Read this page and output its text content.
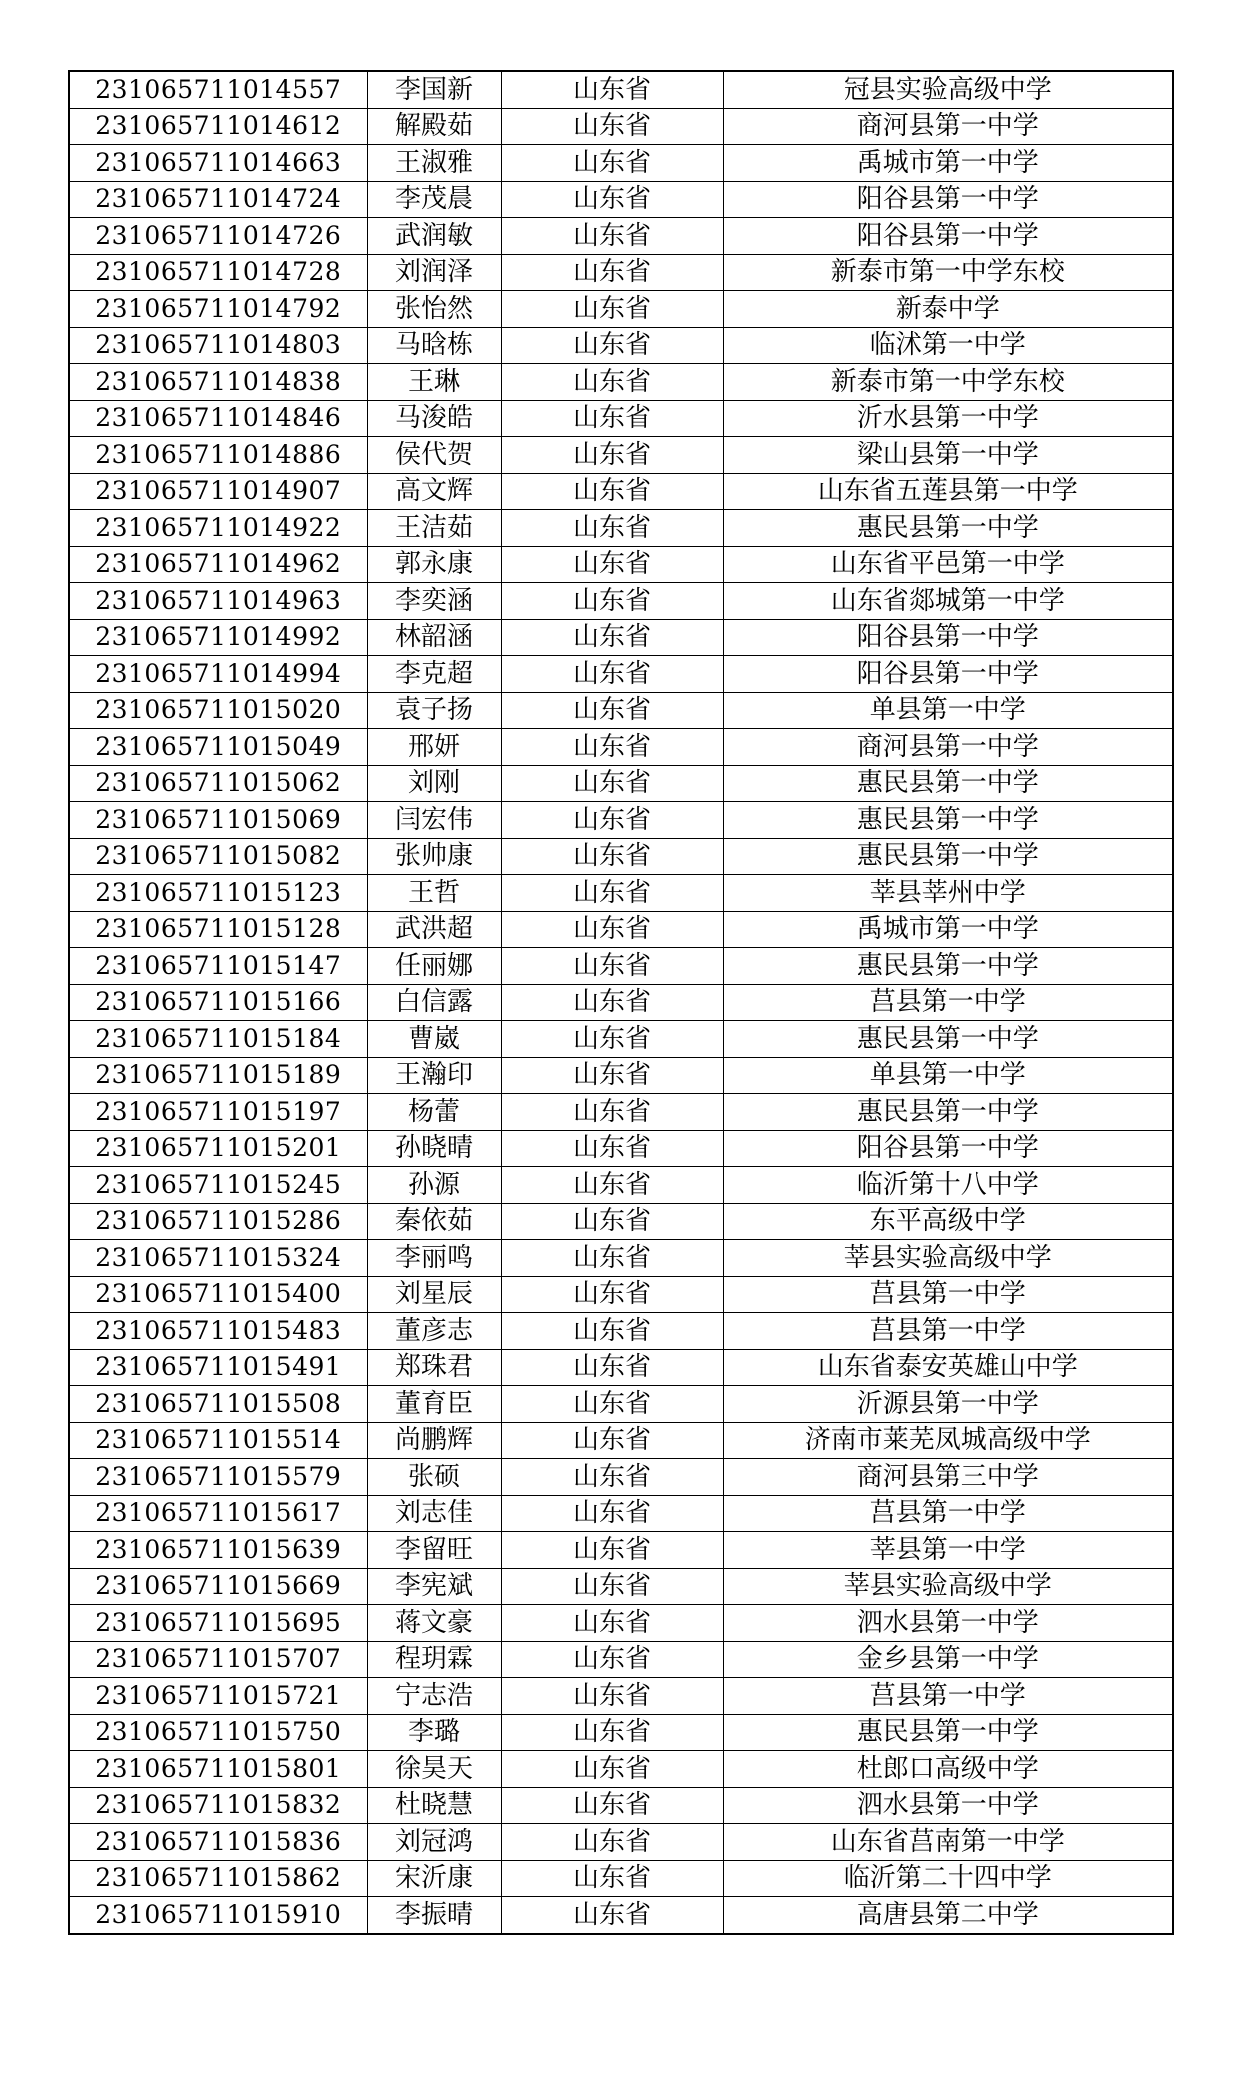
231065711014557	李国新	山东省	冠县实验高级中学
231065711014612	解殿茹	山东省	商河县第一中学
231065711014663	王淑雅	山东省	禹城市第一中学
231065711014724	李茂晨	山东省	阳谷县第一中学
231065711014726	武润敏	山东省	阳谷县第一中学
231065711014728	刘润泽	山东省	新泰市第一中学东校
231065711014792	张怡然	山东省	新泰中学
231065711014803	马晗栋	山东省	临沭第一中学
231065711014838	王琳	山东省	新泰市第一中学东校
231065711014846	马浚皓	山东省	沂水县第一中学
231065711014886	侯代贺	山东省	梁山县第一中学
231065711014907	高文辉	山东省	山东省五莲县第一中学
231065711014922	王洁茹	山东省	惠民县第一中学
231065711014962	郭永康	山东省	山东省平邑第一中学
231065711014963	李奕涵	山东省	山东省郯城第一中学
231065711014992	林韶涵	山东省	阳谷县第一中学
231065711014994	李克超	山东省	阳谷县第一中学
231065711015020	袁子扬	山东省	单县第一中学
231065711015049	邢妍	山东省	商河县第一中学
231065711015062	刘刚	山东省	惠民县第一中学
231065711015069	闫宏伟	山东省	惠民县第一中学
231065711015082	张帅康	山东省	惠民县第一中学
231065711015123	王哲	山东省	莘县莘州中学
231065711015128	武洪超	山东省	禹城市第一中学
231065711015147	任丽娜	山东省	惠民县第一中学
231065711015166	白信露	山东省	莒县第一中学
231065711015184	曹崴	山东省	惠民县第一中学
231065711015189	王瀚印	山东省	单县第一中学
231065711015197	杨蕾	山东省	惠民县第一中学
231065711015201	孙晓晴	山东省	阳谷县第一中学
231065711015245	孙源	山东省	临沂第十八中学
231065711015286	秦依茹	山东省	东平高级中学
231065711015324	李丽鸣	山东省	莘县实验高级中学
231065711015400	刘星辰	山东省	莒县第一中学
231065711015483	董彦志	山东省	莒县第一中学
231065711015491	郑珠君	山东省	山东省泰安英雄山中学
231065711015508	董育臣	山东省	沂源县第一中学
231065711015514	尚鹏辉	山东省	济南市莱芜凤城高级中学
231065711015579	张硕	山东省	商河县第三中学
231065711015617	刘志佳	山东省	莒县第一中学
231065711015639	李留旺	山东省	莘县第一中学
231065711015669	李宪斌	山东省	莘县实验高级中学
231065711015695	蒋文豪	山东省	泗水县第一中学
231065711015707	程玥霖	山东省	金乡县第一中学
231065711015721	宁志浩	山东省	莒县第一中学
231065711015750	李璐	山东省	惠民县第一中学
231065711015801	徐昊天	山东省	杜郎口高级中学
231065711015832	杜晓慧	山东省	泗水县第一中学
231065711015836	刘冠鸿	山东省	山东省莒南第一中学
231065711015862	宋沂康	山东省	临沂第二十四中学
231065711015910	李振晴	山东省	高唐县第二中学
